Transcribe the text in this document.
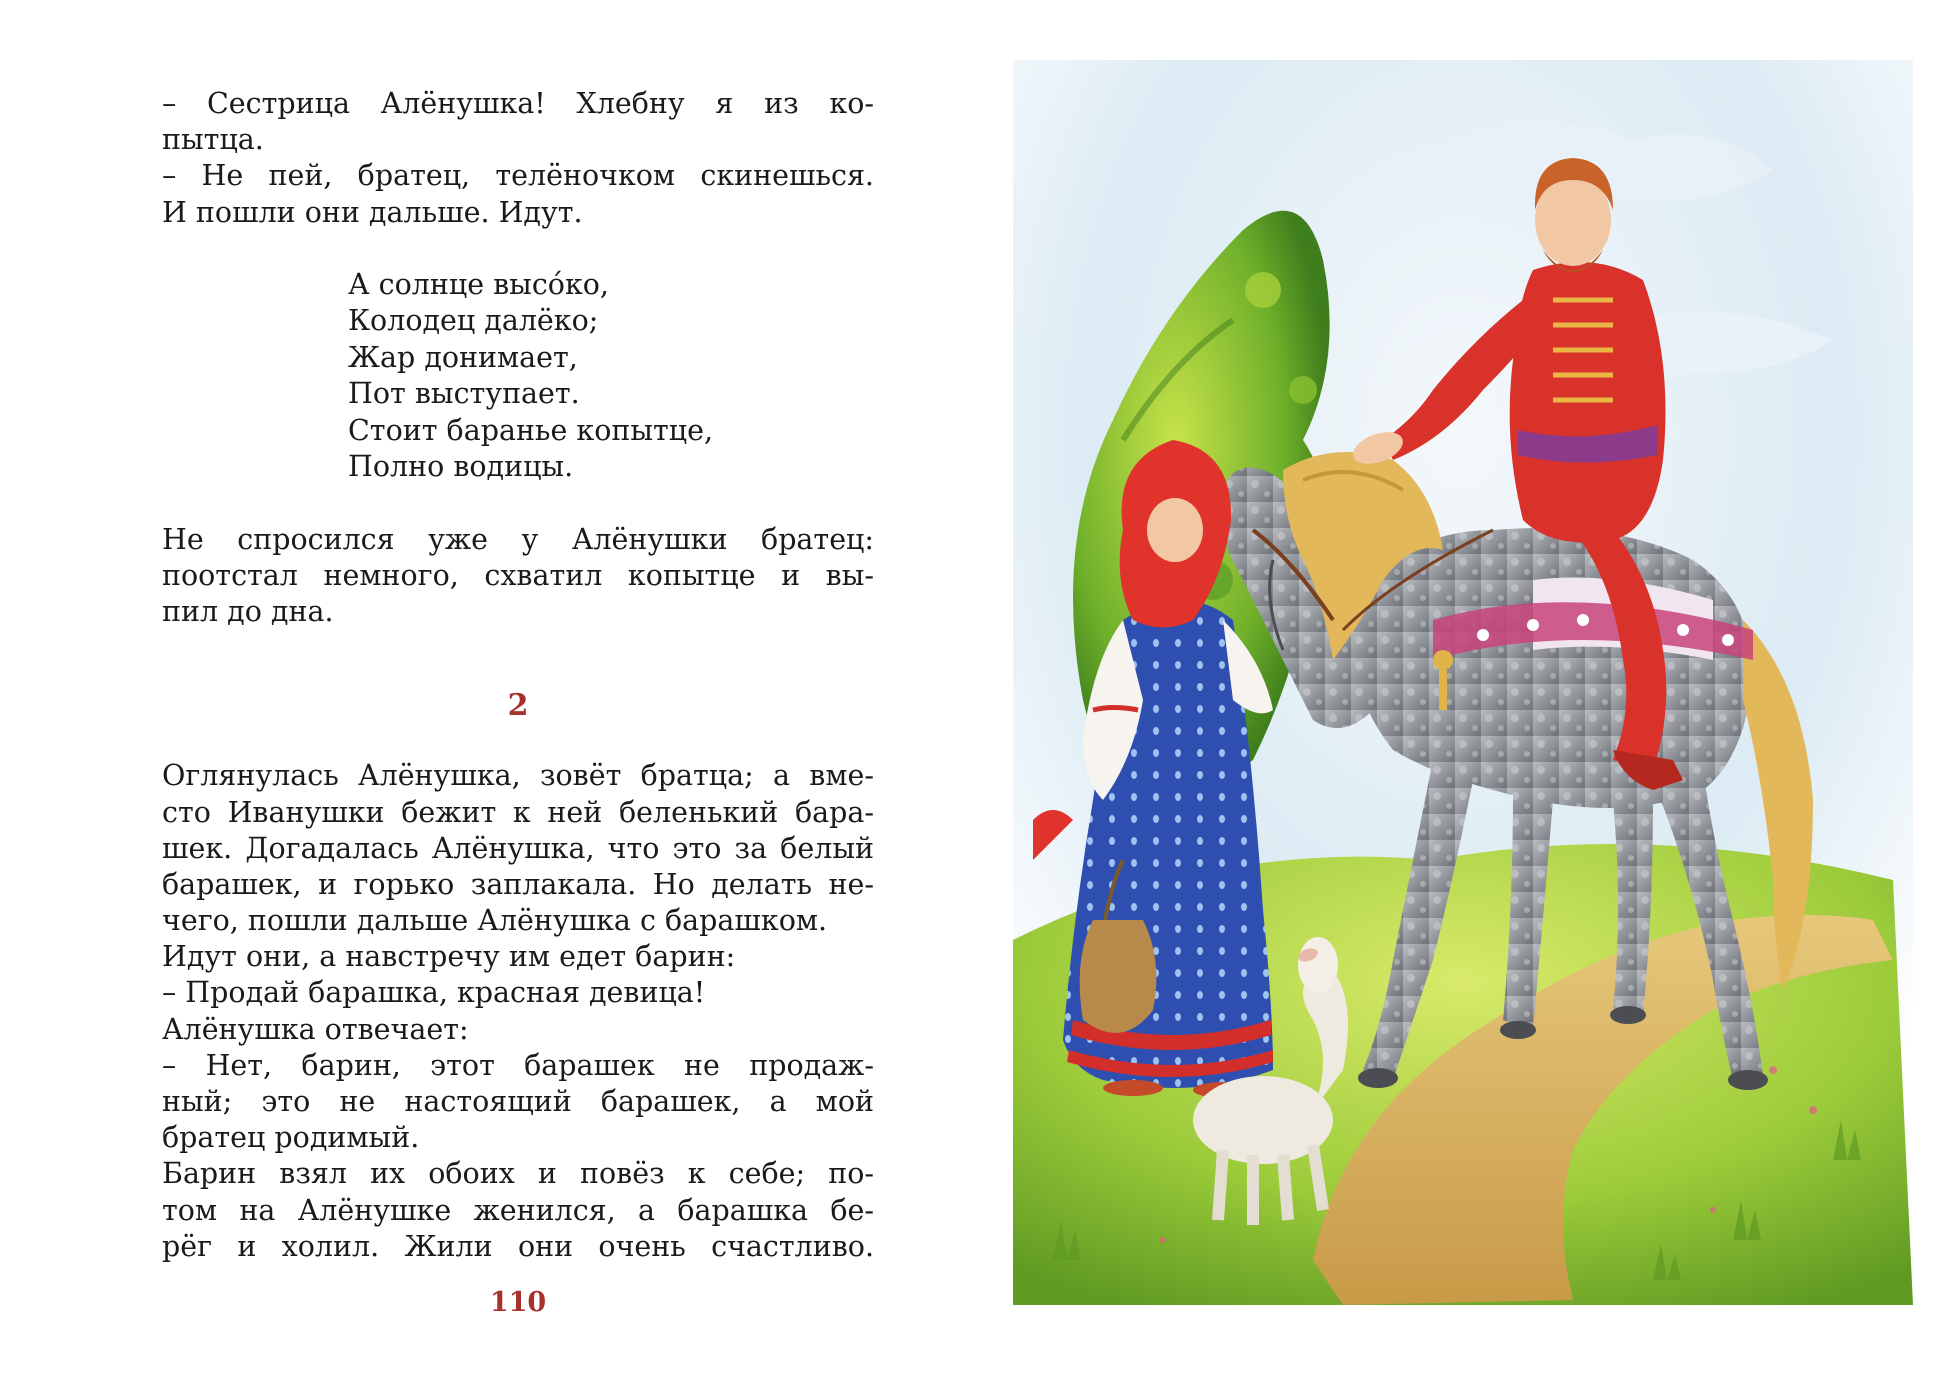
– Сестрица Алёнушка! Хлебну я из ко-
пытца.
– Не пей, братец, телёночком скинешься.
И пошли они дальше. Идут.
А солнце высо́ко,
Колодец далёко;
Жар донимает,
Пот выступает.
Стоит баранье копытце,
Полно водицы.
Не спросился уже у Алёнушки братец:
поотстал немного, схватил копытце и вы-
пил до дна.
2
Оглянулась Алёнушка, зовёт братца; а вме-
сто Иванушки бежит к ней беленький бара-
шек. Догадалась Алёнушка, что это за белый
барашек, и горько заплакала. Но делать не-
чего, пошли дальше Алёнушка с барашком.
Идут они, а навстречу им едет барин:
– Продай барашка, красная девица!
Алёнушка отвечает:
– Нет, барин, этот барашек не продаж-
ный; это не настоящий барашек, а мой
братец родимый.
Барин взял их обоих и повёз к себе; по-
том на Алёнушке женился, а барашка бе-
рёг и холил. Жили они очень счастливо.
110
